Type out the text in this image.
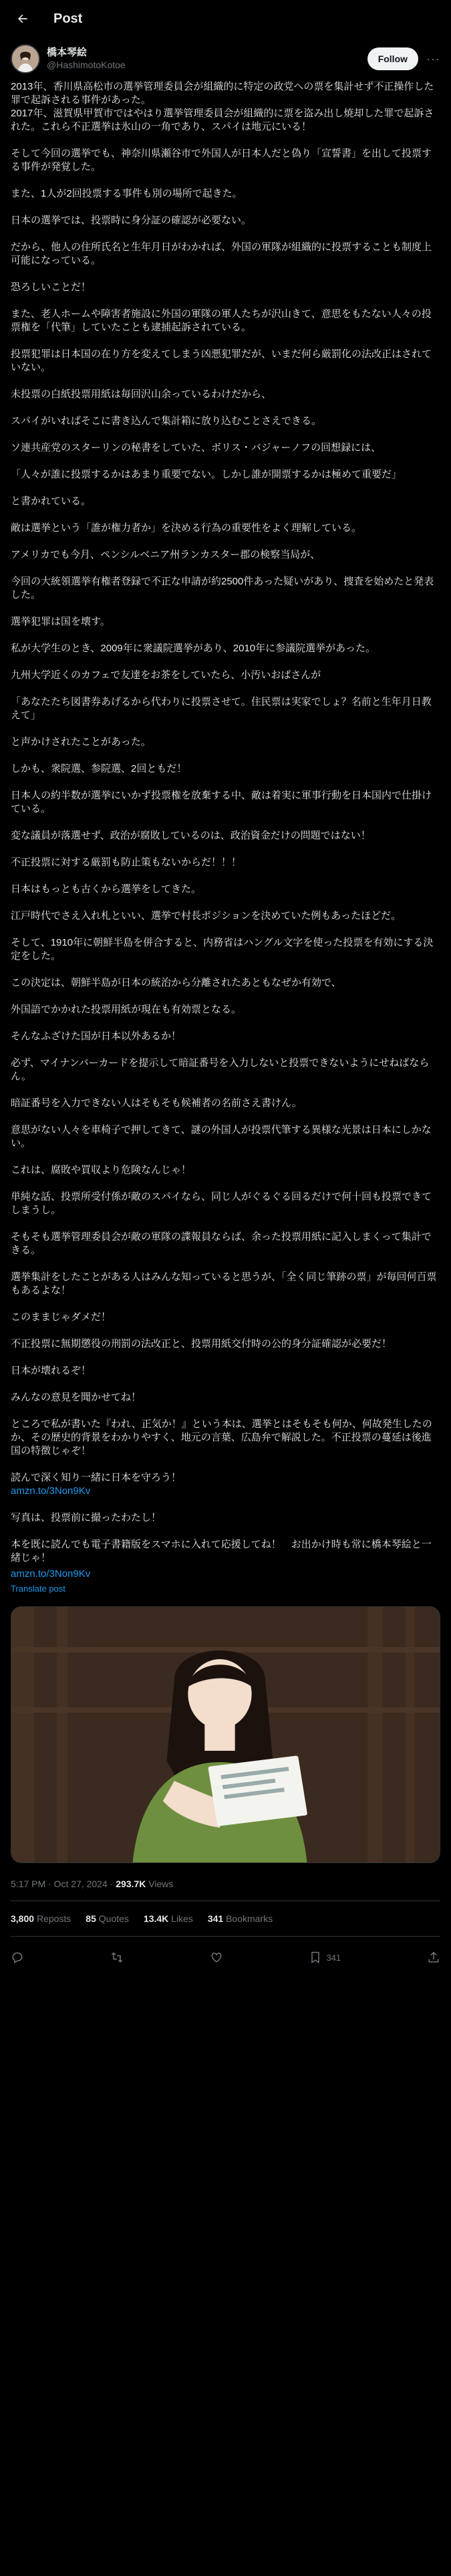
Post
橋本琴絵
@HashimotoKotoe
Follow	···

2013年、香川県高松市の選挙管理委員会が組織的に特定の政党への票を集計せず不正操作した罪で起訴される事件があった。
2017年、滋賀県甲賀市ではやはり選挙管理委員会が組織的に票を盗み出し焼却した罪で起訴された。これら不正選挙は氷山の一角であり、スパイは地元にいる！

そして今回の選挙でも、神奈川県瀬谷市で外国人が日本人だと偽り「宣誓書」を出して投票する事件が発覚した。

また、1人が2回投票する事件も別の場所で起きた。

日本の選挙では、投票時に身分証の確認が必要ない。

だから、他人の住所氏名と生年月日がわかれば、外国の軍隊が組織的に投票することも制度上可能になっている。

恐ろしいことだ！

また、老人ホームや障害者施設に外国の軍隊の軍人たちが沢山きて、意思をもたない人々の投票権を「代筆」していたことも逮捕起訴されている。

投票犯罪は日本国の在り方を変えてしまう凶悪犯罪だが、いまだ何ら厳罰化の法改正はされていない。

未投票の白紙投票用紙は毎回沢山余っているわけだから、

スパイがいればそこに書き込んで集計箱に放り込むことさえできる。

ソ連共産党のスターリンの秘書をしていた、ボリス・バジャーノフの回想録には、

「人々が誰に投票するかはあまり重要でない。しかし誰が開票するかは極めて重要だ」

と書かれている。

敵は選挙という「誰が権力者か」を決める行為の重要性をよく理解している。

アメリカでも今月、ペンシルベニア州ランカスター郡の検察当局が、

今回の大統領選挙有権者登録で不正な申請が約2500件あった疑いがあり、捜査を始めたと発表した。

選挙犯罪は国を壊す。

私が大学生のとき、2009年に衆議院選挙があり、2010年に参議院選挙があった。

九州大学近くのカフェで友達をお茶をしていたら、小汚いおばさんが

「あなたたち図書券あげるから代わりに投票させて。住民票は実家でしょ？名前と生年月日教えて」

と声かけされたことがあった。

しかも、衆院選、参院選、2回ともだ！

日本人の約半数が選挙にいかず投票権を放棄する中、敵は着実に軍事行動を日本国内で仕掛けている。

変な議員が落選せず、政治が腐敗しているのは、政治資金だけの問題ではない！

不正投票に対する厳罰も防止策もないからだ！！！

日本はもっとも古くから選挙をしてきた。

江戸時代でさえ入れ札といい、選挙で村長ポジションを決めていた例もあったほどだ。

そして、1910年に朝鮮半島を併合すると、内務省はハングル文字を使った投票を有効にする決定をした。

この決定は、朝鮮半島が日本の統治から分離されたあともなぜか有効で、

外国語でかかれた投票用紙が現在も有効票となる。

そんなふざけた国が日本以外あるか！

必ず、マイナンバーカードを提示して暗証番号を入力しないと投票できないようにせねばならん。

暗証番号を入力できない人はそもそも候補者の名前さえ書けん。

意思がない人々を車椅子で押してきて、謎の外国人が投票代筆する異様な光景は日本にしかない。

これは、腐敗や買収より危険なんじゃ！

単純な話、投票所受付係が敵のスパイなら、同じ人がぐるぐる回るだけで何十回も投票できてしまうし。

そもそも選挙管理委員会が敵の軍隊の諜報員ならば、余った投票用紙に記入しまくって集計できる。

選挙集計をしたことがある人はみんな知っていると思うが、「全く同じ筆跡の票」が毎回何百票もあるよな！

このままじゃダメだ！

不正投票に無期懲役の刑罰の法改正と、投票用紙交付時の公的身分証確認が必要だ！

日本が壊れるぞ！

みんなの意見を聞かせてね！

ところで私が書いた『われ、正気か！』という本は、選挙とはそもそも何か、何故発生したのか、その歴史的背景をわかりやすく、地元の言葉、広島弁で解説した。不正投票の蔓延は後進国の特徴じゃぞ！

読んで深く知り一緒に日本を守ろう！
amzn.to/3Non9Kv

写真は、投票前に撮ったわたし！

本を既に読んでも電子書籍版をスマホに入れて応援してね！　お出かけ時も常に橋本琴絵と一緒じゃ！

amzn.to/3Non9Kv

Translate post
5:17 PM · Oct 27, 2024 · 293.7K
Views
3,800 Reposts 85 Quotes 13.4K Likes 341 Bookmarks
341
